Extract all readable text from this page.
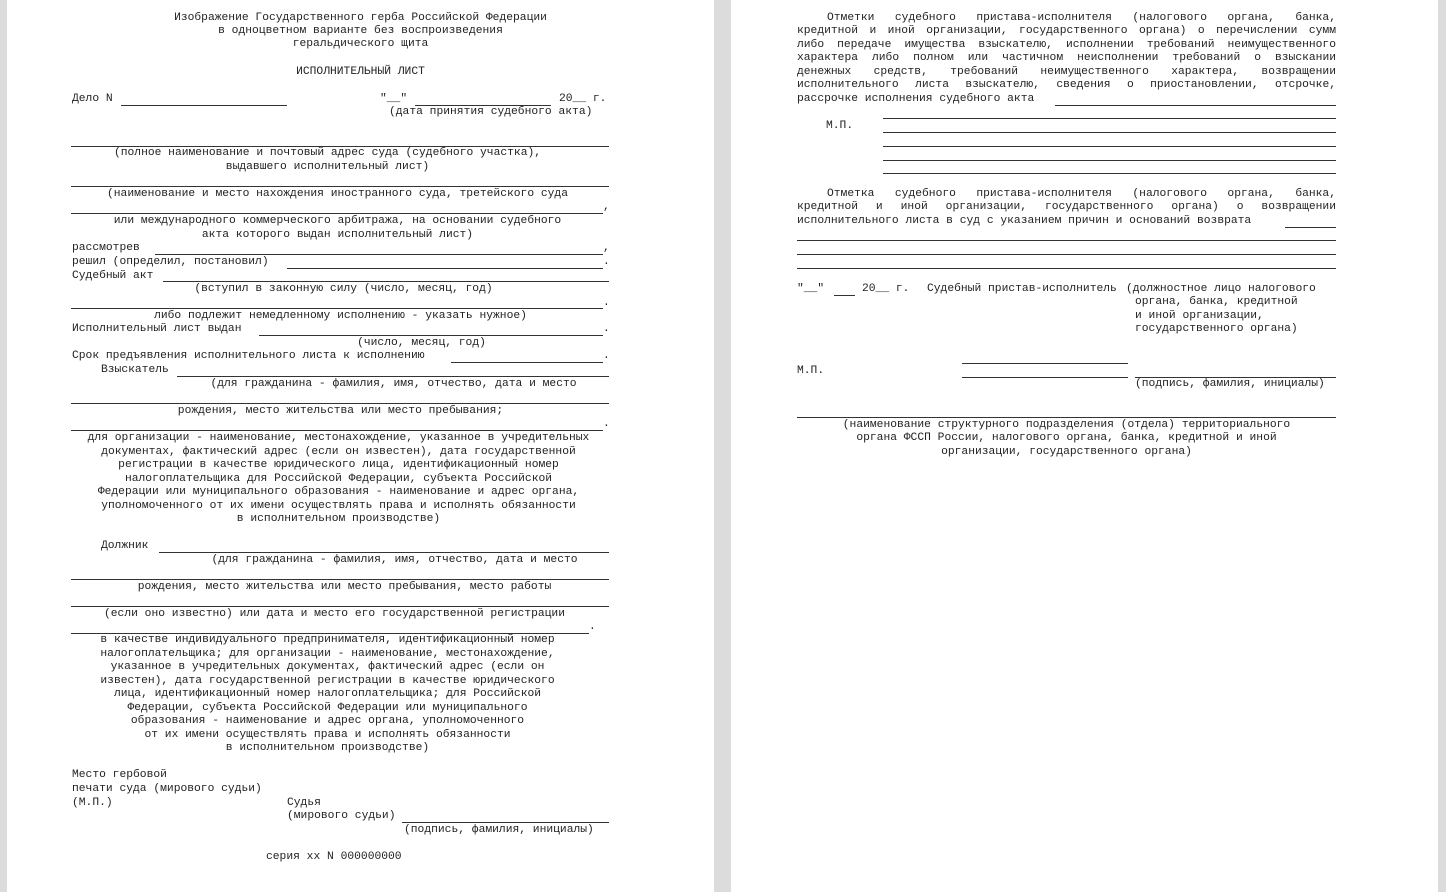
Изображение Государственного герба Российской Федерации
в одноцветном варианте без воспроизведения
геральдического щита
ИСПОЛНИТЕЛЬНЫЙ ЛИСТ
Дело N	"__"	20__ г.
(дата принятия судебного акта)
(полное наименование и почтовый адрес суда (судебного участка),
выдавшего исполнительный лист)
(наименование и место нахождения иностранного суда, третейского суда
,
или международного коммерческого арбитража, на основании судебного
акта которого выдан исполнительный лист)
рассмотрев	,
решил (определил, постановил)	.
Судебный акт
(вступил в законную силу (число, месяц, год)
.
либо подлежит немедленному исполнению - указать нужное)
Исполнительный лист выдан	.
(число, месяц, год)
Срок предъявления исполнительного листа к исполнению	.
Взыскатель
(для гражданина - фамилия, имя, отчество, дата и место
рождения, место жительства или место пребывания;
.
для организации - наименование, местонахождение, указанное в учредительных
документах, фактический адрес (если он известен), дата государственной
регистрации в качестве юридического лица, идентификационный номер
налогоплательщика для Российской Федерации, субъекта Российской
Федерации или муниципального образования - наименование и адрес органа,
уполномоченного от их имени осуществлять права и исполнять обязанности
в исполнительном производстве)
Должник
(для гражданина - фамилия, имя, отчество, дата и место
рождения, место жительства или место пребывания, место работы
(если оно известно) или дата и место его государственной регистрации
.
в качестве индивидуального предпринимателя, идентификационный номер
налогоплательщика; для организации - наименование, местонахождение,
указанное в учредительных документах, фактический адрес (если он
известен), дата государственной регистрации в качестве юридического
лица, идентификационный номер налогоплательщика; для Российской
Федерации, субъекта Российской Федерации или муниципального
образования - наименование и адрес органа, уполномоченного
от их имени осуществлять права и исполнять обязанности
в исполнительном производстве)
Место гербовой
печати суда (мирового судьи)
(М.П.)	Судья
(мирового судьи)
(подпись, фамилия, инициалы)
серия xx N 000000000
Отметки судебного пристава-исполнителя (налогового органа, банка,
кредитной и иной организации, государственного органа) о перечислении сумм
либо передаче имущества взыскателю, исполнении требований неимущественного
характера либо полном или частичном неисполнении требований о взыскании
денежных средств, требований неимущественного характера, возвращении
исполнительного листа взыскателю, сведения о приостановлении, отсрочке,
рассрочке исполнения судебного акта
М.П.
Отметка судебного пристава-исполнителя (налогового органа, банка,
кредитной и иной организации, государственного органа) о возвращении
исполнительного листа в суд с указанием причин и оснований возврата
"__"	20__ г. Судебный пристав-исполнитель (должностное лицо налогового
органа, банка, кредитной
и иной организации,
государственного органа)
М.П.
(подпись, фамилия, инициалы)
(наименование структурного подразделения (отдела) территориального
органа ФССП России, налогового органа, банка, кредитной и иной
организации, государственного органа)
